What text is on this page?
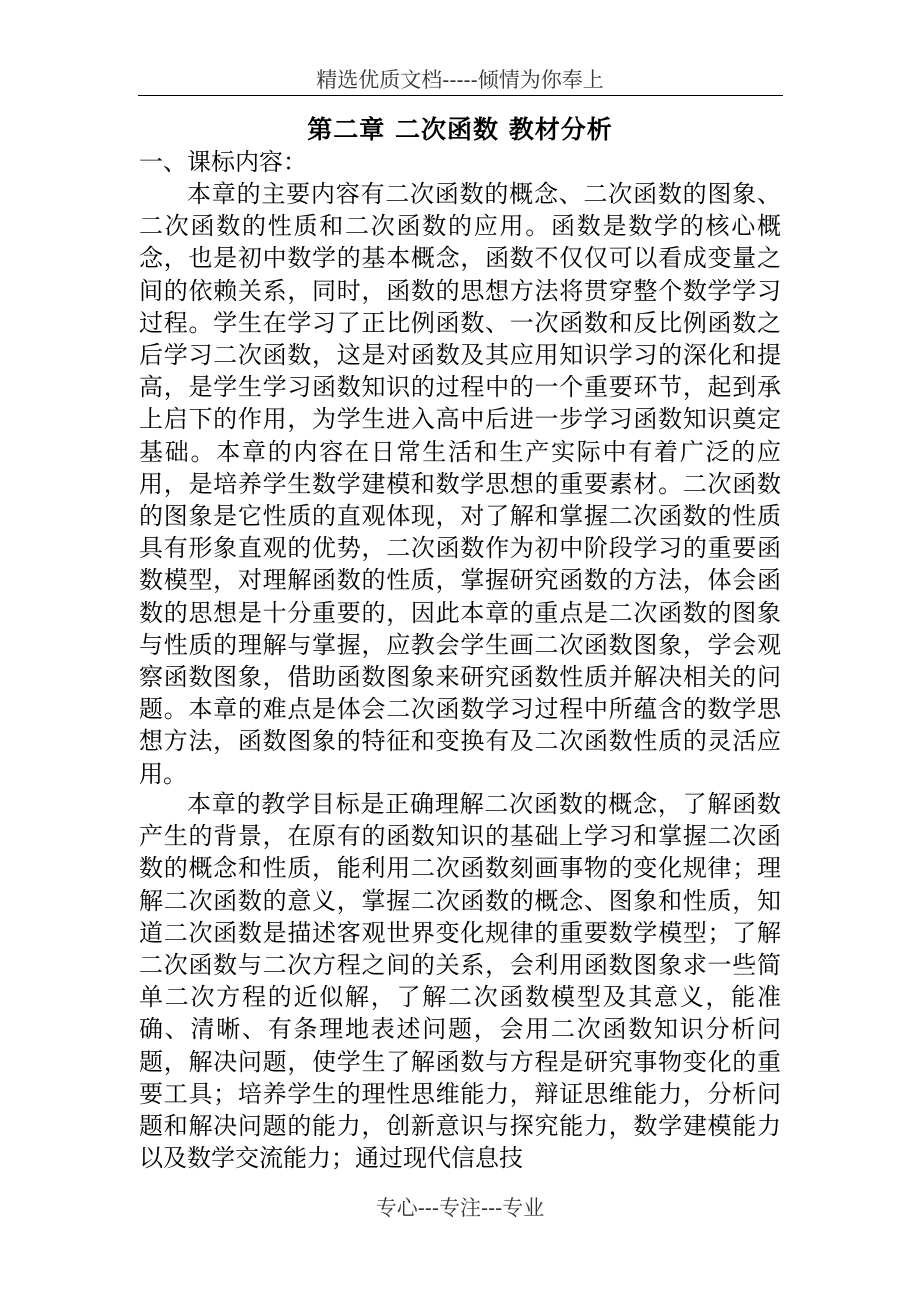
精选优质文档-----倾情为你奉上
第二章 二次函数 教材分析
一、课标内容：

本章的主要内容有二次函数的概念、二次函数的图象、二次函数的性质和二次函数的应用。函数是数学的核心概念，也是初中数学的基本概念，函数不仅仅可以看成变量之间的依赖关系，同时，函数的思想方法将贯穿整个数学学习过程。学生在学习了正比例函数、一次函数和反比例函数之后学习二次函数，这是对函数及其应用知识学习的深化和提高，是学生学习函数知识的过程中的一个重要环节，起到承上启下的作用，为学生进入高中后进一步学习函数知识奠定基础。本章的内容在日常生活和生产实际中有着广泛的应用，是培养学生数学建模和数学思想的重要素材。二次函数的图象是它性质的直观体现，对了解和掌握二次函数的性质具有形象直观的优势，二次函数作为初中阶段学习的重要函数模型，对理解函数的性质，掌握研究函数的方法，体会函数的思想是十分重要的，因此本章的重点是二次函数的图象与性质的理解与掌握，应教会学生画二次函数图象，学会观察函数图象，借助函数图象来研究函数性质并解决相关的问题。本章的难点是体会二次函数学习过程中所蕴含的数学思想方法，函数图象的特征和变换有及二次函数性质的灵活应用。

本章的教学目标是正确理解二次函数的概念，了解函数产生的背景，在原有的函数知识的基础上学习和掌握二次函数的概念和性质，能利用二次函数刻画事物的变化规律；理解二次函数的意义，掌握二次函数的概念、图象和性质，知道二次函数是描述客观世界变化规律的重要数学模型；了解二次函数与二次方程之间的关系，会利用函数图象求一些简单二次方程的近似解，了解二次函数模型及其意义，能准确、清晰、有条理地表述问题，会用二次函数知识分析问题，解决问题，使学生了解函数与方程是研究事物变化的重要工具；培养学生的理性思维能力，辩证思维能力，分析问题和解决问题的能力，创新意识与探究能力，数学建模能力以及数学交流能力；通过现代信息技

专心---专注---专业
